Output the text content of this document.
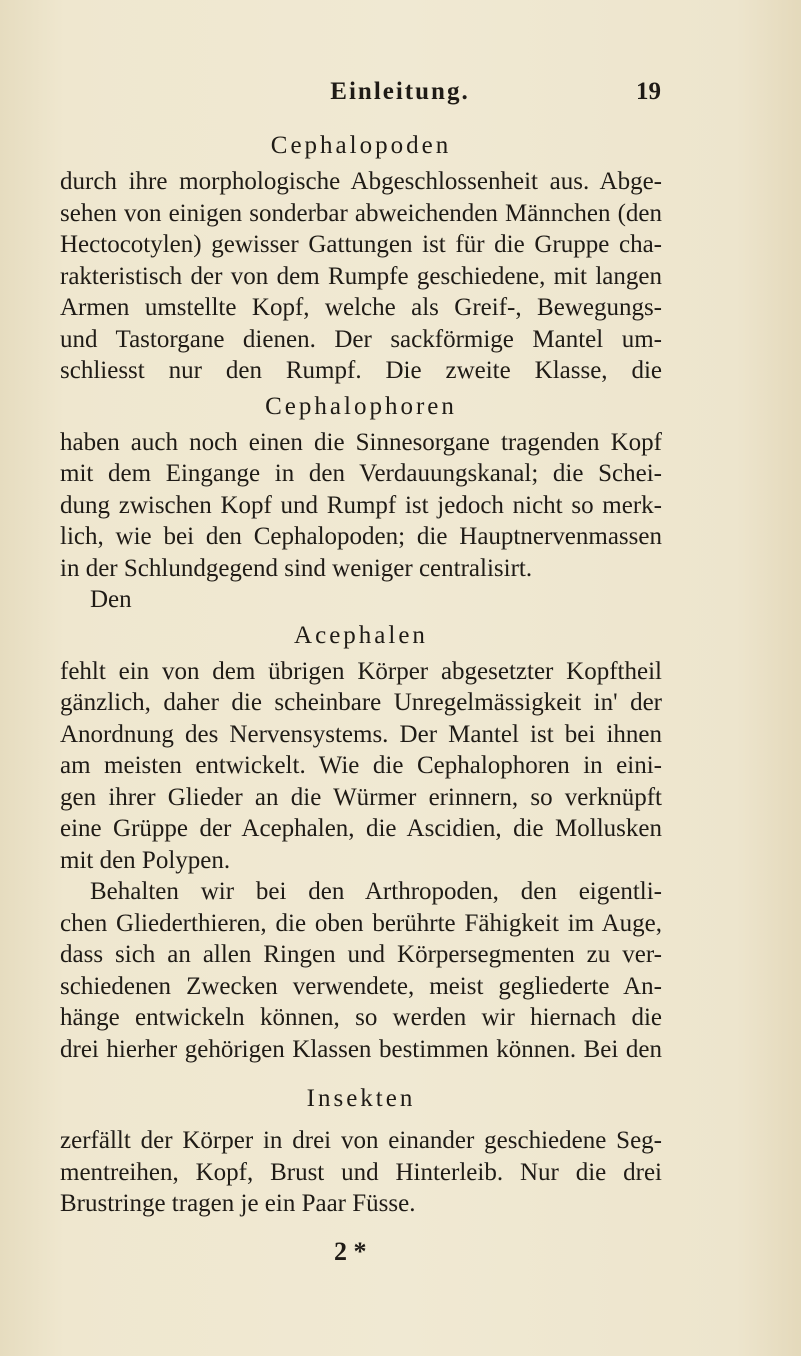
Einleitung.	19
Cephalopoden
durch ihre morphologische Abgeschlossenheit aus. Abge-
sehen von einigen sonderbar abweichenden Männchen (den
Hectocotylen) gewisser Gattungen ist für die Gruppe cha-
rakteristisch der von dem Rumpfe geschiedene, mit langen
Armen umstellte Kopf, welche als Greif-, Bewegungs-
und Tastorgane dienen. Der sackförmige Mantel um-
schliesst nur den Rumpf. Die zweite Klasse, die
Cephalophoren
haben auch noch einen die Sinnesorgane tragenden Kopf
mit dem Eingange in den Verdauungskanal; die Schei-
dung zwischen Kopf und Rumpf ist jedoch nicht so merk-
lich, wie bei den Cephalopoden; die Hauptnervenmassen
in der Schlundgegend sind weniger centralisirt.
Den
Acephalen
fehlt ein von dem übrigen Körper abgesetzter Kopftheil
gänzlich, daher die scheinbare Unregelmässigkeit in' der
Anordnung des Nervensystems. Der Mantel ist bei ihnen
am meisten entwickelt. Wie die Cephalophoren in eini-
gen ihrer Glieder an die Würmer erinnern, so verknüpft
eine Grüppe der Acephalen, die Ascidien, die Mollusken
mit den Polypen.
Behalten wir bei den Arthropoden, den eigentli-
chen Gliederthieren, die oben berührte Fähigkeit im Auge,
dass sich an allen Ringen und Körpersegmenten zu ver-
schiedenen Zwecken verwendete, meist gegliederte An-
hänge entwickeln können, so werden wir hiernach die
drei hierher gehörigen Klassen bestimmen können. Bei den
Insekten
zerfällt der Körper in drei von einander geschiedene Seg-
mentreihen, Kopf, Brust und Hinterleib. Nur die drei
Brustringe tragen je ein Paar Füsse.
2 *
